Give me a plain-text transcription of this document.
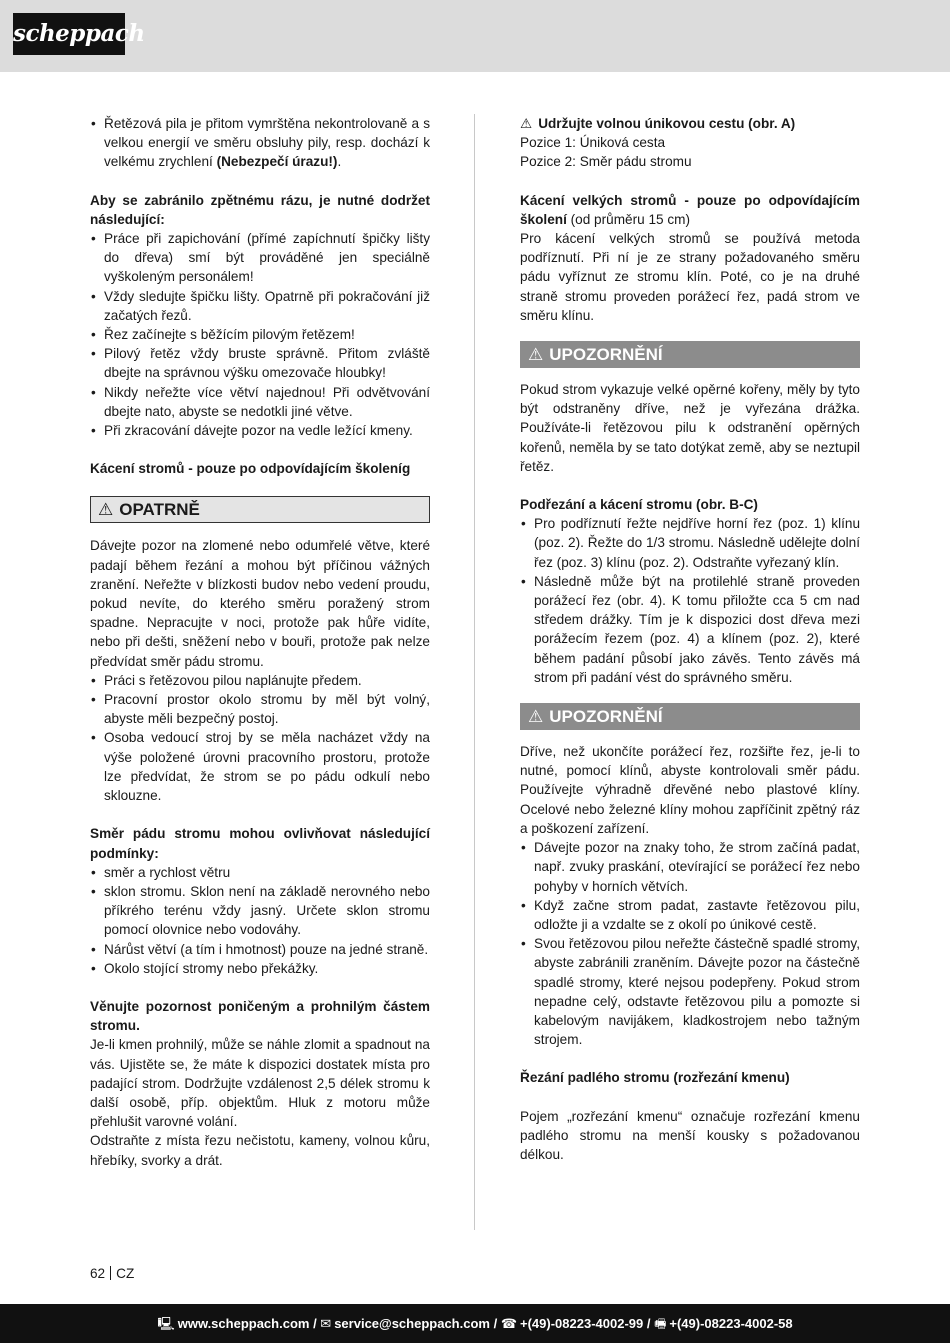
scheppach
• Řetězová pila je přitom vymrštěna nekontrolovaně a s velkou energií ve směru obsluhy pily, resp. dochází k velkému zrychlení (Nebezpečí úrazu!).

Aby se zabránilo zpětnému rázu, je nutné dodržet následující:

• Práce při zapichování (přímé zapíchnutí špičky lišty do dřeva) smí být prováděné jen speciálně vyškoleným personálem!
• Vždy sledujte špičku lišty. Opatrně při pokračování již začatých řezů.
• Řez začínejte s běžícím pilovým řetězem!
• Pilový řetěz vždy bruste správně. Přitom zvláště dbejte na správnou výšku omezovače hloubky!
• Nikdy neřežte více větví najednou! Při odvětvování dbejte nato, abyste se nedotkli jiné větve.
• Při zkracování dávejte pozor na vedle ležící kmeny.

Kácení stromů - pouze po odpovídajícím školeníg

⚠ OPATRNĚ

Dávejte pozor na zlomené nebo odumřelé větve, které padají během řezání a mohou být příčinou vážných zranění. Neřežte v blízkosti budov nebo vedení proudu, pokud nevíte, do kterého směru poražený strom spadne. Nepracujte v noci, protože pak hůře vidíte, nebo při dešti, sněžení nebo v bouři, protože pak nelze předvídat směr pádu stromu.

• Práci s řetězovou pilou naplánujte předem.
• Pracovní prostor okolo stromu by měl být volný, abyste měli bezpečný postoj.
• Osoba vedoucí stroj by se měla nacházet vždy na výše položené úrovni pracovního prostoru, protože lze předvídat, že strom se po pádu odkulí nebo sklouzne.

Směr pádu stromu mohou ovlivňovat následující podmínky:

• směr a rychlost větru
• sklon stromu. Sklon není na základě nerovného nebo příkrého terénu vždy jasný. Určete sklon stromu pomocí olovnice nebo vodováhy.
• Nárůst větví (a tím i hmotnost) pouze na jedné straně.
• Okolo stojící stromy nebo překážky.

Věnujte pozornost poničeným a prohnilým částem stromu.

Je-li kmen prohnilý, může se náhle zlomit a spadnout na vás. Ujistěte se, že máte k dispozici dostatek místa pro padající strom. Dodržujte vzdálenost 2,5 délek stromu k další osobě, příp. objektům. Hluk z motoru může přehlušit varovné volání.

Odstraňte z místa řezu nečistotu, kameny, volnou kůru, hřebíky, svorky a drát.

⚠ Udržujte volnou únikovou cestu (obr. A)

Pozice 1: Úniková cesta

Pozice 2: Směr pádu stromu

Kácení velkých stromů - pouze po odpovídajícím školení (od průměru 15 cm)

Pro kácení velkých stromů se používá metoda podříznutí. Při ní je ze strany požadovaného směru pádu vyříznut ze stromu klín. Poté, co je na druhé straně stromu proveden porážecí řez, padá strom ve směru klínu.

⚠ UPOZORNĚNÍ

Pokud strom vykazuje velké opěrné kořeny, měly by tyto být odstraněny dříve, než je vyřezána drážka. Používáte-li řetězovou pilu k odstranění opěrných kořenů, neměla by se tato dotýkat země, aby se neztupil řetěz.

Podřezání a kácení stromu (obr. B-C)

• Pro podříznutí řežte nejdříve horní řez (poz. 1) klínu (poz. 2). Řežte do 1/3 stromu. Následně udělejte dolní řez (poz. 3) klínu (poz. 2). Odstraňte vyřezaný klín.
• Následně může být na protilehlé straně proveden porážecí řez (obr. 4). K tomu přiložte cca 5 cm nad středem drážky. Tím je k dispozici dost dřeva mezi porážecím řezem (poz. 4) a klínem (poz. 2), které během padání působí jako závěs. Tento závěs má strom při padání vést do správného směru.
⚠ UPOZORNĚNÍ

Dříve, než ukončíte porážecí řez, rozšiřte řez, je-li to nutné, pomocí klínů, abyste kontrolovali směr pádu. Používejte výhradně dřevěné nebo plastové klíny. Ocelové nebo železné klíny mohou zapříčinit zpětný ráz a poškození zařízení.

• Dávejte pozor na znaky toho, že strom začíná padat, např. zvuky praskání, otevírající se porážecí řez nebo pohyby v horních větvích.
• Když začne strom padat, zastavte řetězovou pilu, odložte ji a vzdalte se z okolí po únikové cestě.
• Svou řetězovou pilou neřežte částečně spadlé stromy, abyste zabránili zraněním. Dávejte pozor na částečně spadlé stromy, které nejsou podepřeny. Pokud strom nepadne celý, odstavte řetězovou pilu a pomozte si kabelovým navijákem, kladkostrojem nebo tažným strojem.

Řezání padlého stromu (rozřezání kmenu)

Pojem „rozřezání kmenu“ označuje rozřezání kmenu padlého stromu na menší kousky s požadovanou délkou.

62 CZ
🖳 www.scheppach.com / ✉ service@scheppach.com / ☎ +(49)-08223-4002-99 / 🖷 +(49)-08223-4002-58
